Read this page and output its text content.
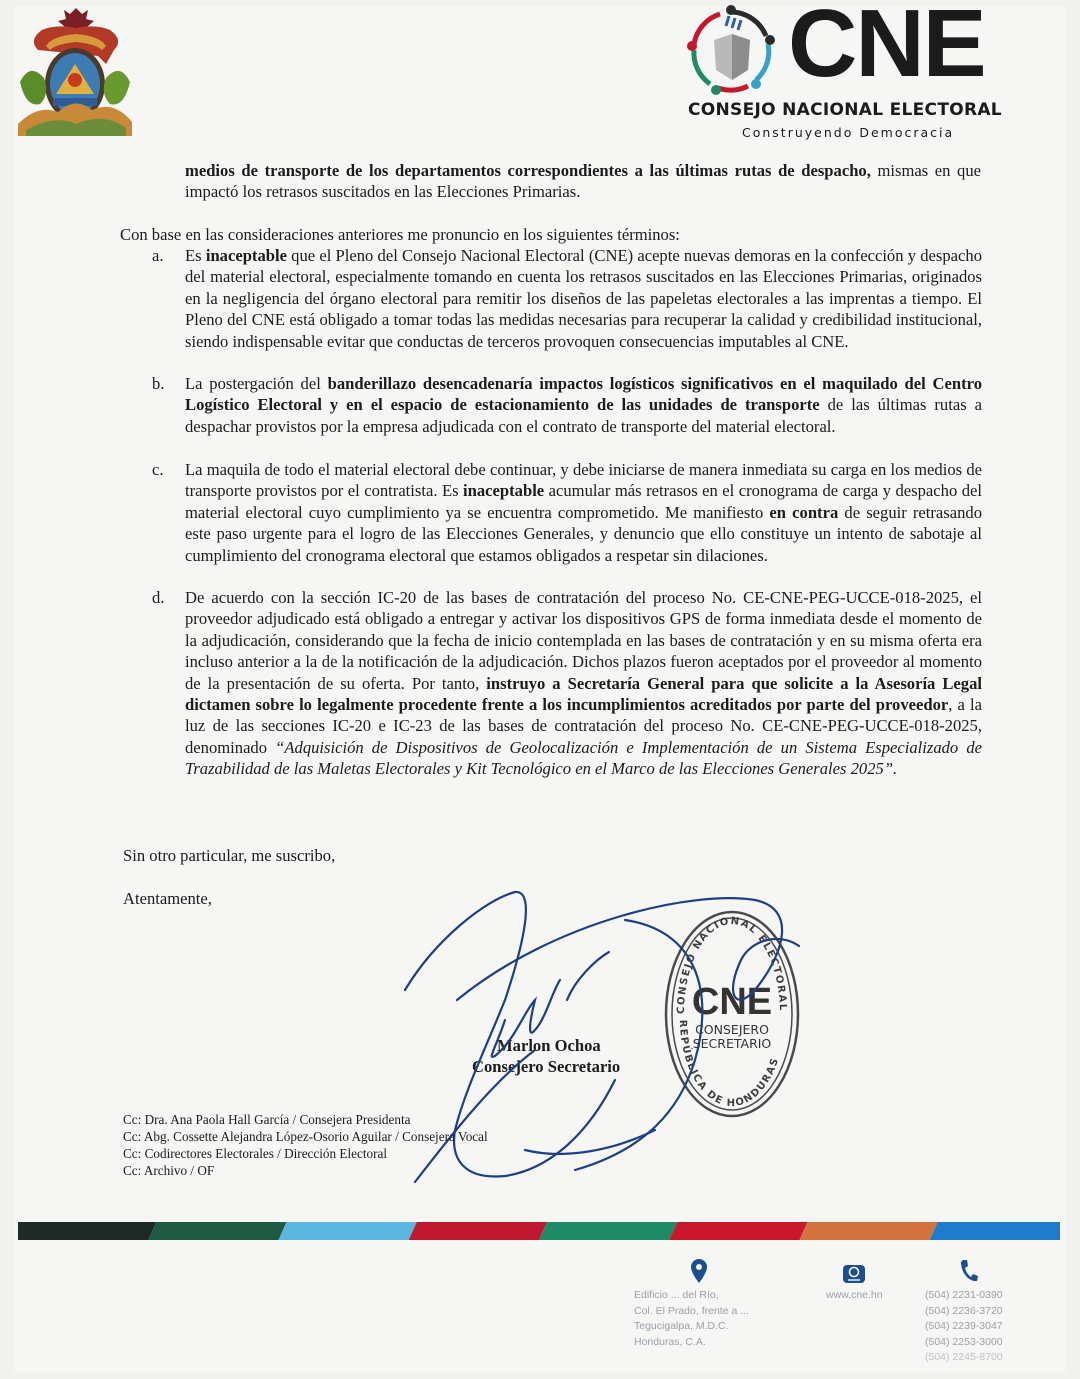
CNE
CONSEJO NACIONAL ELECTORAL
Construyendo Democracia
medios de transporte de los departamentos correspondientes a las últimas rutas de despacho, mismas en que impactó los retrasos suscitados en las Elecciones Primarias.
Con base en las consideraciones anteriores me pronuncio en los siguientes términos:
a.	Es inaceptable que el Pleno del Consejo Nacional Electoral (CNE) acepte nuevas demoras en la confección y despacho del material electoral, especialmente tomando en cuenta los retrasos suscitados en las Elecciones Primarias, originados en la negligencia del órgano electoral para remitir los diseños de las papeletas electorales a las imprentas a tiempo. El Pleno del CNE está obligado a tomar todas las medidas necesarias para recuperar la calidad y credibilidad institucional, siendo indispensable evitar que conductas de terceros provoquen consecuencias imputables al CNE.
b.	La postergación del banderillazo desencadenaría impactos logísticos significativos en el maquilado del Centro Logístico Electoral y en el espacio de estacionamiento de las unidades de transporte de las últimas rutas a despachar provistos por la empresa adjudicada con el contrato de transporte del material electoral.
c.	La maquila de todo el material electoral debe continuar, y debe iniciarse de manera inmediata su carga en los medios de transporte provistos por el contratista. Es inaceptable acumular más retrasos en el cronograma de carga y despacho del material electoral cuyo cumplimiento ya se encuentra comprometido. Me manifiesto en contra de seguir retrasando este paso urgente para el logro de las Elecciones Generales, y denuncio que ello constituye un intento de sabotaje al cumplimiento del cronograma electoral que estamos obligados a respetar sin dilaciones.
d.	De acuerdo con la sección IC-20 de las bases de contratación del proceso No. CE-CNE-PEG-UCCE-018-2025, el proveedor adjudicado está obligado a entregar y activar los dispositivos GPS de forma inmediata desde el momento de la adjudicación, considerando que la fecha de inicio contemplada en las bases de contratación y en su misma oferta era incluso anterior a la de la notificación de la adjudicación. Dichos plazos fueron aceptados por el proveedor al momento de la presentación de su oferta. Por tanto, instruyo a Secretaría General para que solicite a la Asesoría Legal dictamen sobre lo legalmente procedente frente a los incumplimientos acreditados por parte del proveedor, a la luz de las secciones IC-20 e IC-23 de las bases de contratación del proceso No. CE-CNE-PEG-UCCE-018-2025, denominado “Adquisición de Dispositivos de Geolocalización e Implementación de un Sistema Especializado de Trazabilidad de las Maletas Electorales y Kit Tecnológico en el Marco de las Elecciones Generales 2025”.
Sin otro particular, me suscribo,
Atentamente,
CONSEJO NACIONAL ELECTORAL
REPÚBLICA DE HONDURAS
CNE
CONSEJERO
SECRETARIO
Marlon Ochoa
Consejero Secretario
Cc: Dra. Ana Paola Hall García / Consejera Presidenta
Cc: Abg. Cossette Alejandra López-Osorio Aguilar / Consejera Vocal
Cc: Codirectores Electorales / Dirección Electoral
Cc: Archivo / OF
Edificio ... del Río,
Col. El Prado, frente a ...
Tegucigalpa, M.D.C.
Honduras, C.A.
www.cne.hn	(504) 2231-0390
(504) 2236-3720
(504) 2239-3047
(504) 2253-3000
(504) 2245-8700
